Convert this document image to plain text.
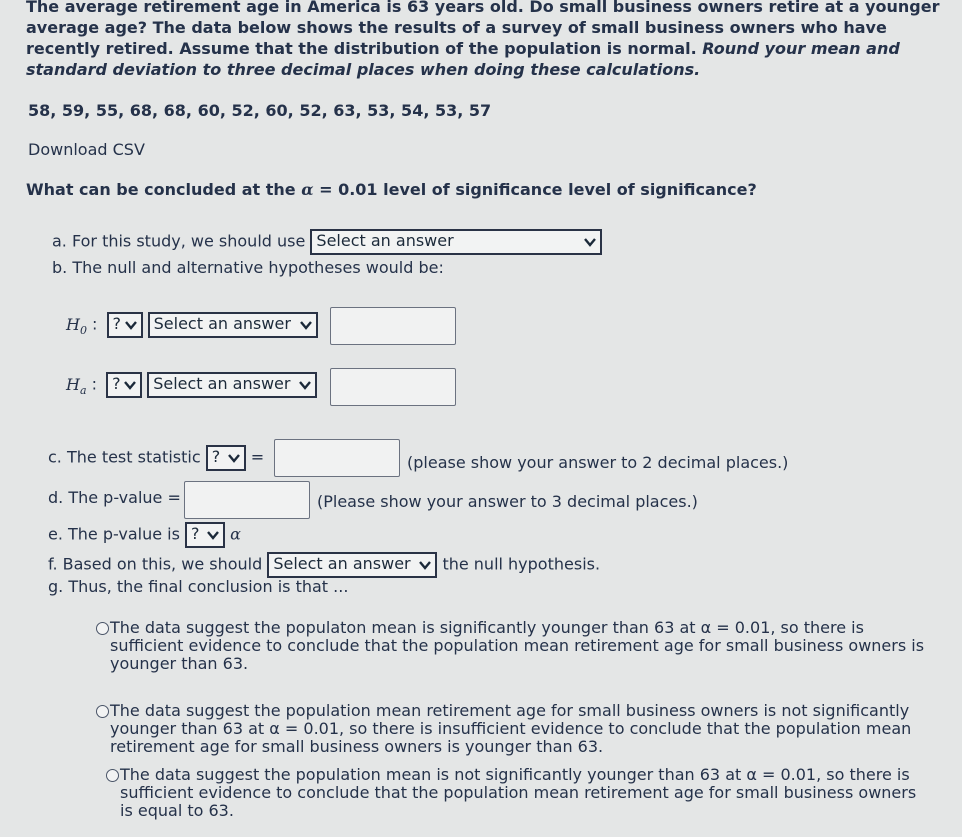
The average retirement age in America is 63 years old. Do small business owners retire at a younger average age? The data below shows the results of a survey of small business owners who have recently retired. Assume that the distribution of the population is normal. Round your mean and standard deviation to three decimal places when doing these calculations.
58, 59, 55, 68, 68, 60, 52, 60, 52, 63, 53, 54, 53, 57
Download CSV
What can be concluded at the α = 0.01 level of significance level of significance?
a. For this study, we should use Select an answer
b. The null and alternative hypotheses would be:
$H_0$ : ? Select an answer
$H_a$ : ? Select an answer
c. The test statistic ? =	(please show your answer to 2 decimal places.)
d. The p-value =	(Please show your answer to 3 decimal places.)
e. The p-value is ? α
f. Based on this, we should Select an answer the null hypothesis.
g. Thus, the final conclusion is that ...
The data suggest the populaton mean is significantly younger than 63 at α = 0.01, so there is sufficient evidence to conclude that the population mean retirement age for small business owners is younger than 63.
The data suggest the population mean retirement age for small business owners is not significantly younger than 63 at α = 0.01, so there is insufficient evidence to conclude that the population mean retirement age for small business owners is younger than 63.
The data suggest the population mean is not significantly younger than 63 at α = 0.01, so there is sufficient evidence to conclude that the population mean retirement age for small business owners is equal to 63.
